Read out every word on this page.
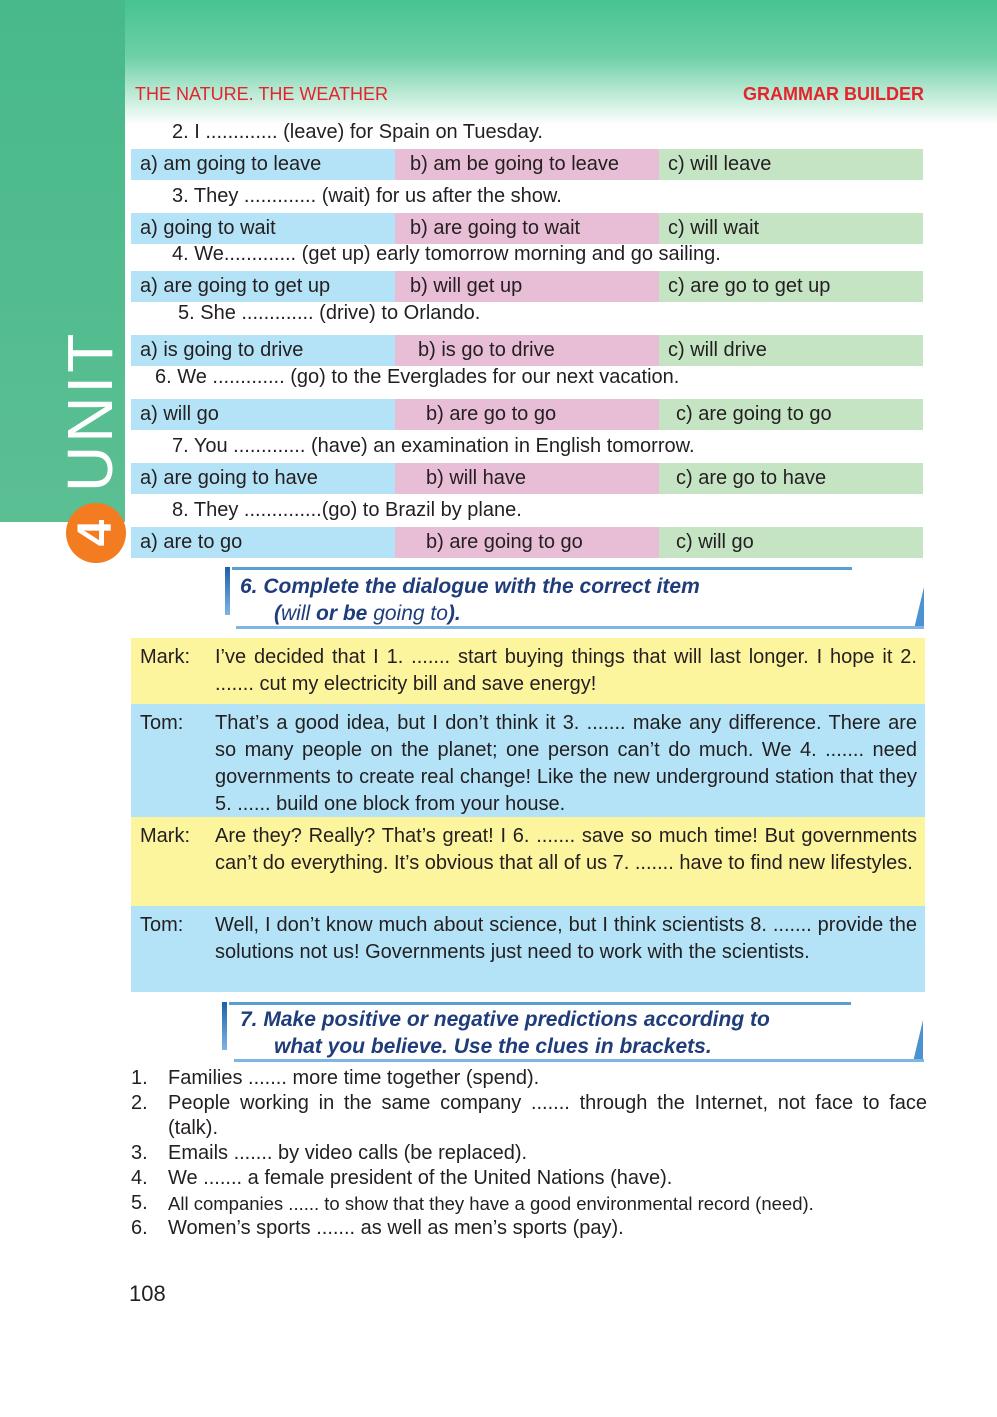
UNIT
4
THE NATURE. THE WEATHER	GRAMMAR BUILDER
2. I ............. (leave) for Spain on Tuesday.
a) am going to leave	b) am be going to leave	c) will leave
3. They ............. (wait) for us after the show.
a) going to wait	b) are going to wait	c) will wait
4. We............. (get up) early tomorrow morning and go sailing.
a) are going to get up	b) will get up	c) are go to get up
5. She ............. (drive) to Orlando.
a) is going to drive	b) is go to drive	c) will drive
6. We ............. (go) to the Everglades for our next vacation.
a) will go	b) are go to go	c) are going to go
7. You ............. (have) an examination in English tomorrow.
a) are going to have	b) will have	c) are go to have
8. They ..............(go) to Brazil by plane.
a) are to go	b) are going to go	c) will go
6. Complete the dialogue with the correct item
(will or be going to).
Mark: I’ve decided that I 1. ....... start buying things that will last longer. I hope it 2. ....... cut my electricity bill and save energy!
Tom: That’s a good idea, but I don’t think it 3. ....... make any difference. There are so many people on the planet; one person can’t do much. We 4. ....... need governments to create real change! Like the new underground station that they 5. ...... build one block from your house.
Mark: Are they? Really? That’s great! I 6. ....... save so much time! But governments can’t do everything. It’s obvious that all of us 7. ....... have to find new lifestyles.
Tom: Well, I don’t know much about science, but I think scientists 8. ....... provide the solutions not us! Governments just need to work with the scientists.
7. Make positive or negative predictions according to
what you believe. Use the clues in brackets.
1.	Families ....... more time together (spend).
2.	People working in the same company ....... through the Internet, not face to face (talk).
3.	Emails ....... by video calls (be replaced).
4.	We ....... a female president of the United Nations (have).
5.	All companies ...... to show that they have a good environmental record (need).
6.	Women’s sports ....... as well as men’s sports (pay).
108
